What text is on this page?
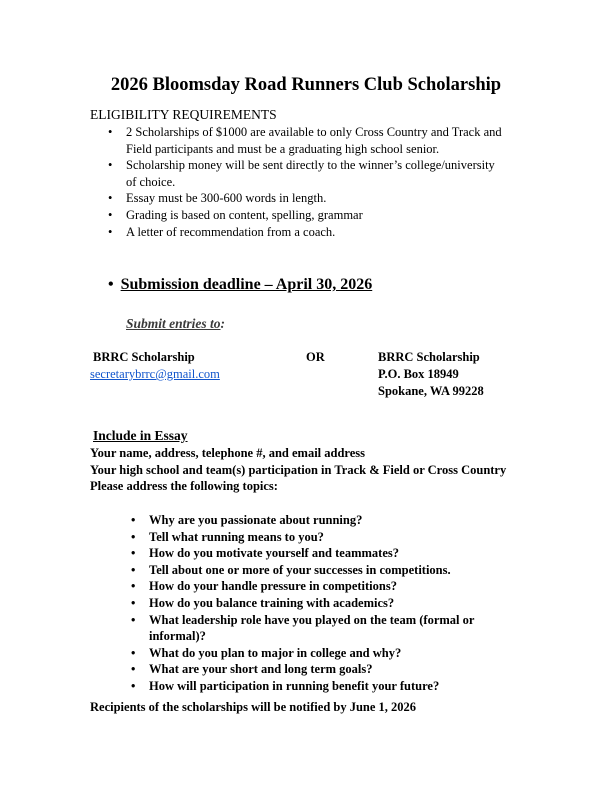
2026 Bloomsday Road Runners Club Scholarship
ELIGIBILITY REQUIREMENTS
• 2 Scholarships of $1000 are available to only Cross Country and Track and Field participants and must be a graduating high school senior.
• Scholarship money will be sent directly to the winner’s college/university of choice.
• Essay must be 300-600 words in length.
• Grading is based on content, spelling, grammar
• A letter of recommendation from a coach.
• Submission deadline – April 30, 2026
Submit entries to:
BRRC Scholarship
secretarybrrc@gmail.com
OR	BRRC Scholarship
P.O. Box 18949
Spokane, WA 99228
Include in Essay

Your name, address, telephone #, and email address

Your high school and team(s) participation in Track & Field or Cross Country

Please address the following topics:

• Why are you passionate about running?
• Tell what running means to you?
• How do you motivate yourself and teammates?
• Tell about one or more of your successes in competitions.
• How do your handle pressure in competitions?
• How do you balance training with academics?
• What leadership role have you played on the team (formal or informal)?
• What do you plan to major in college and why?
• What are your short and long term goals?
• How will participation in running benefit your future?
Recipients of the scholarships will be notified by June 1, 2026
